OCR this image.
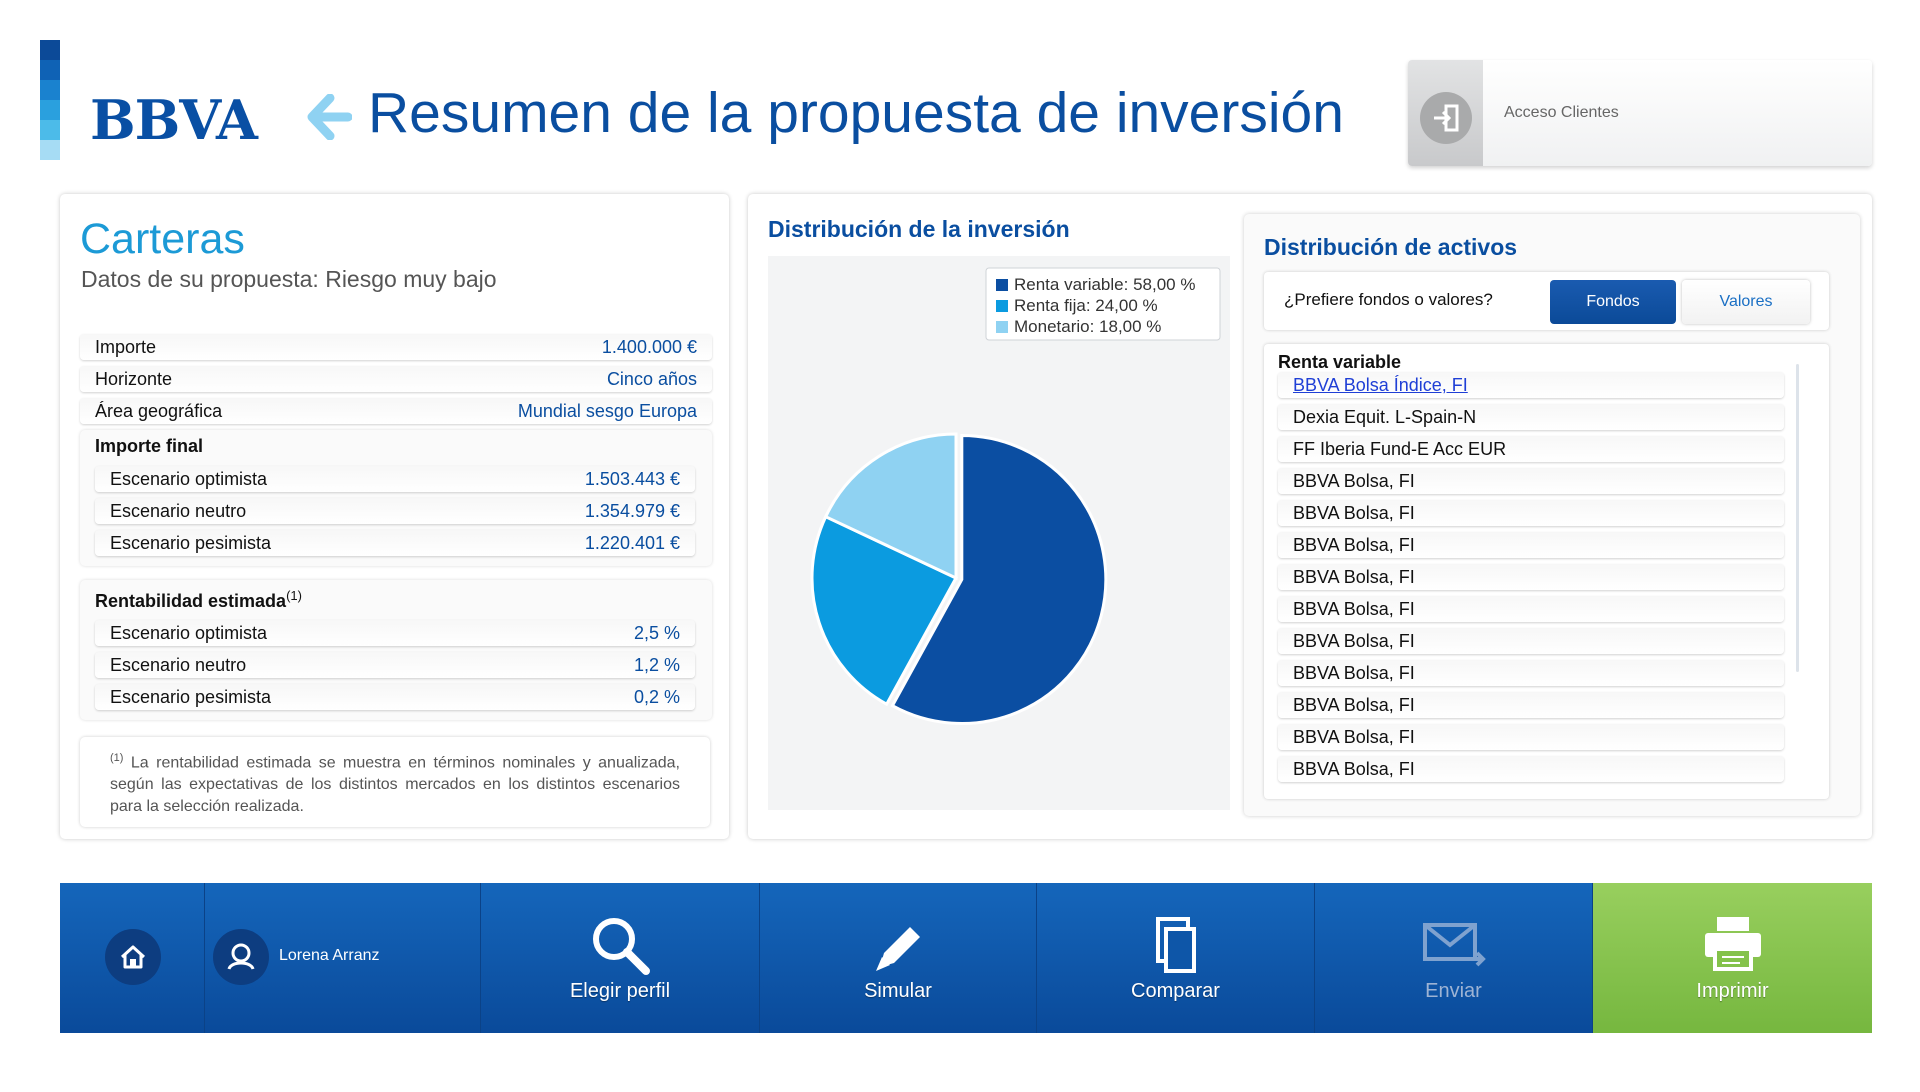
BBVA Resumen de la propuesta de inversión	Acceso Clientes
Carteras
Datos de su propuesta: Riesgo muy bajo
Importe	1.400.000 €
Horizonte	Cinco años
Área geográfica	Mundial sesgo Europa
Importe final
Escenario optimista	1.503.443 €
Escenario neutro	1.354.979 €
Escenario pesimista	1.220.401 €
Rentabilidad estimada$^{(1)}$
Escenario optimista	2,5 %
Escenario neutro	1,2 %
Escenario pesimista	0,2 %
$^{(1)}$ La rentabilidad estimada se muestra en términos nominales y anualizada, según las expectativas de los distintos mercados en los distintos escenarios para la selección realizada.
Distribución de la inversión
Renta variable: 58,00 %
Renta fija: 24,00 %
Monetario: 18,00 %
Distribución de activos
¿Prefiere fondos o valores?	Fondos	Valores
Renta variable
BBVA Bolsa Índice, FI
Dexia Equit. L-Spain-N
FF Iberia Fund-E Acc EUR
BBVA Bolsa, FI
BBVA Bolsa, FI
BBVA Bolsa, FI
BBVA Bolsa, FI
BBVA Bolsa, FI
BBVA Bolsa, FI
BBVA Bolsa, FI
BBVA Bolsa, FI
BBVA Bolsa, FI
BBVA Bolsa, FI
Lorena Arranz
Elegir perfil	Simular	Comparar	Enviar	Imprimir
